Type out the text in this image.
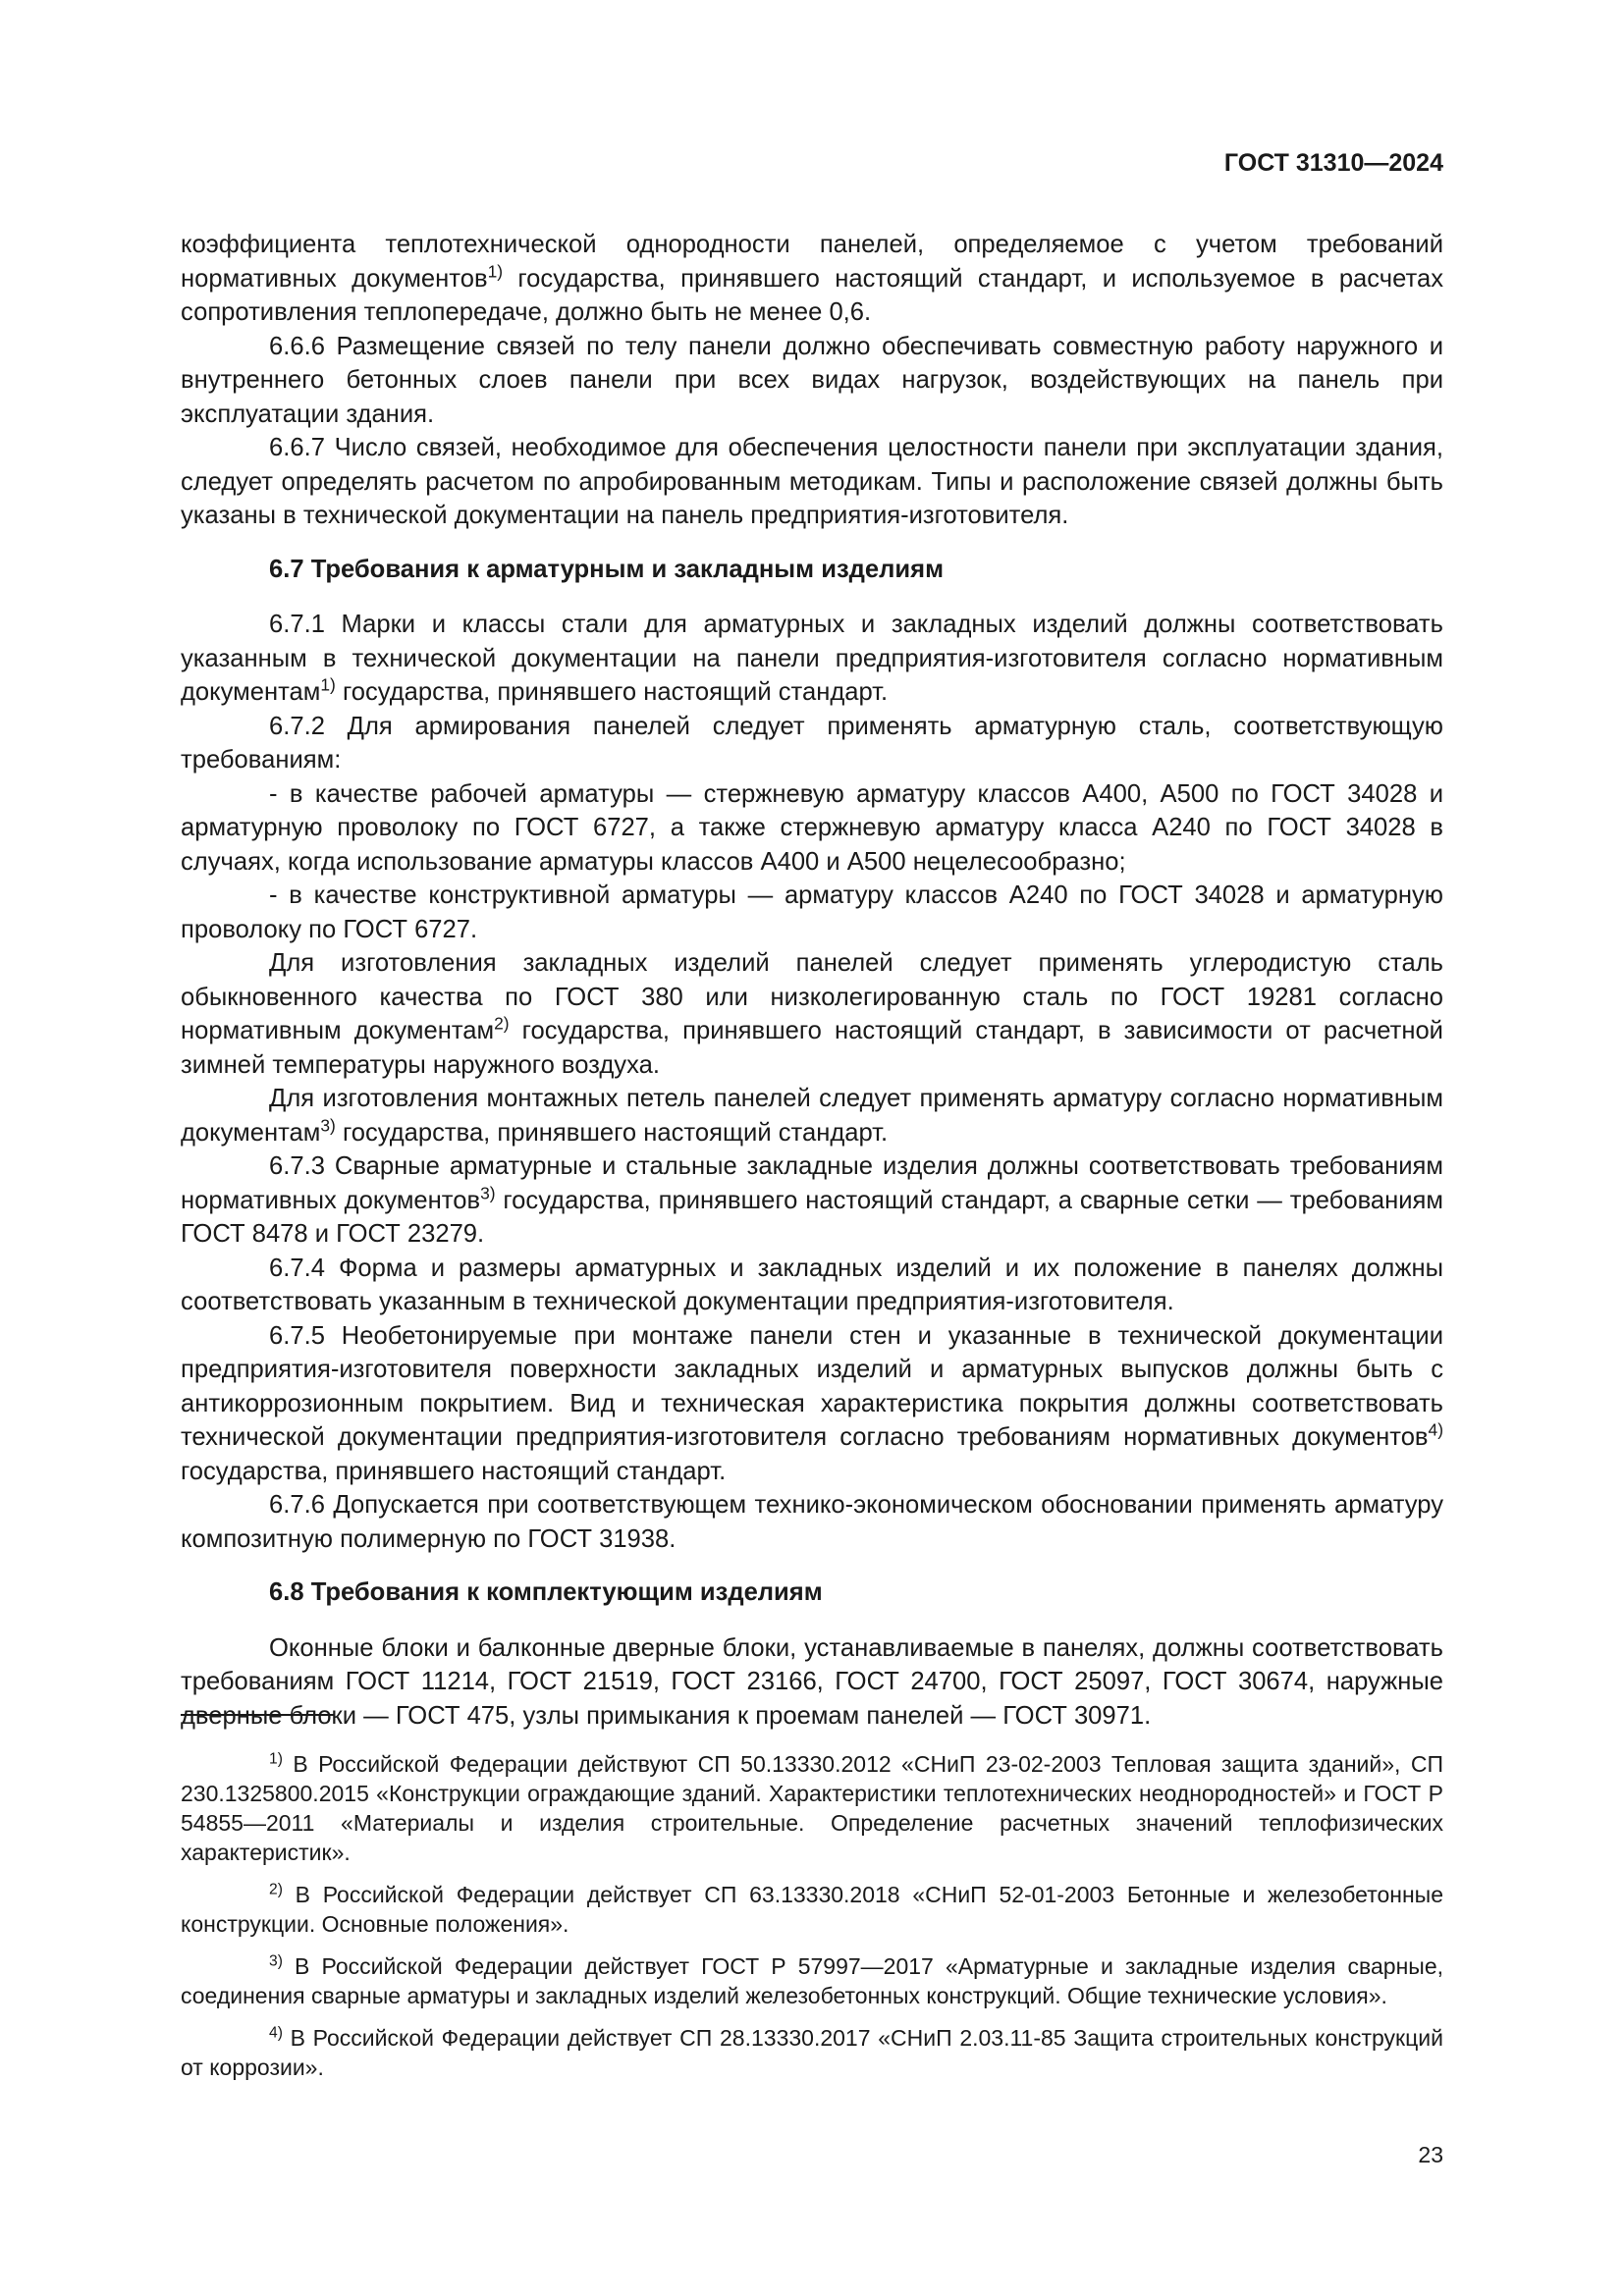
ГОСТ 31310—2024

коэффициента теплотехнической однородности панелей, определяемое с учетом требований нормативных документов$^{1)}$ государства, принявшего настоящий стандарт, и используемое в расчетах сопротивления теплопередаче, должно быть не менее 0,6.

6.6.6 Размещение связей по телу панели должно обеспечивать совместную работу наружного и внутреннего бетонных слоев панели при всех видах нагрузок, воздействующих на панель при эксплуатации здания.

6.6.7 Число связей, необходимое для обеспечения целостности панели при эксплуатации здания, следует определять расчетом по апробированным методикам. Типы и расположение связей должны быть указаны в технической документации на панель предприятия-изготовителя.

6.7 Требования к арматурным и закладным изделиям

6.7.1 Марки и классы стали для арматурных и закладных изделий должны соответствовать указанным в технической документации на панели предприятия-изготовителя согласно нормативным документам$^{1)}$ государства, принявшего настоящий стандарт.

6.7.2 Для армирования панелей следует применять арматурную сталь, соответствующую требованиям:

- в качестве рабочей арматуры — стержневую арматуру классов А400, А500 по ГОСТ 34028 и арматурную проволоку по ГОСТ 6727, а также стержневую арматуру класса А240 по ГОСТ 34028 в случаях, когда использование арматуры классов А400 и А500 нецелесообразно;

- в качестве конструктивной арматуры — арматуру классов А240 по ГОСТ 34028 и арматурную проволоку по ГОСТ 6727.

Для изготовления закладных изделий панелей следует применять углеродистую сталь обыкновенного качества по ГОСТ 380 или низколегированную сталь по ГОСТ 19281 согласно нормативным документам$^{2)}$ государства, принявшего настоящий стандарт, в зависимости от расчетной зимней температуры наружного воздуха.

Для изготовления монтажных петель панелей следует применять арматуру согласно нормативным документам$^{3)}$ государства, принявшего настоящий стандарт.

6.7.3 Сварные арматурные и стальные закладные изделия должны соответствовать требованиям нормативных документов$^{3)}$ государства, принявшего настоящий стандарт, а сварные сетки — требованиям ГОСТ 8478 и ГОСТ 23279.

6.7.4 Форма и размеры арматурных и закладных изделий и их положение в панелях должны соответствовать указанным в технической документации предприятия-изготовителя.

6.7.5 Необетонируемые при монтаже панели стен и указанные в технической документации предприятия-изготовителя поверхности закладных изделий и арматурных выпусков должны быть с антикоррозионным покрытием. Вид и техническая характеристика покрытия должны соответствовать технической документации предприятия-изготовителя согласно требованиям нормативных документов$^{4)}$ государства, принявшего настоящий стандарт.

6.7.6 Допускается при соответствующем технико-экономическом обосновании применять арматуру композитную полимерную по ГОСТ 31938.

6.8 Требования к комплектующим изделиям

Оконные блоки и балконные дверные блоки, устанавливаемые в панелях, должны соответствовать требованиям ГОСТ 11214, ГОСТ 21519, ГОСТ 23166, ГОСТ 24700, ГОСТ 25097, ГОСТ 30674, наружные дверные блоки — ГОСТ 475, узлы примыкания к проемам панелей — ГОСТ 30971.

$^{1)}$ В Российской Федерации действуют СП 50.13330.2012 «СНиП 23-02-2003 Тепловая защита зданий», СП 230.1325800.2015 «Конструкции ограждающие зданий. Характеристики теплотехнических неоднородностей» и ГОСТ Р 54855—2011 «Материалы и изделия строительные. Определение расчетных значений теплофизических характеристик».

$^{2)}$ В Российской Федерации действует СП 63.13330.2018 «СНиП 52-01-2003 Бетонные и железобетонные конструкции. Основные положения».

$^{3)}$ В Российской Федерации действует ГОСТ Р 57997—2017 «Арматурные и закладные изделия сварные, соединения сварные арматуры и закладных изделий железобетонных конструкций. Общие технические условия».

$^{4)}$ В Российской Федерации действует СП 28.13330.2017 «СНиП 2.03.11-85 Защита строительных конструкций от коррозии».

23
